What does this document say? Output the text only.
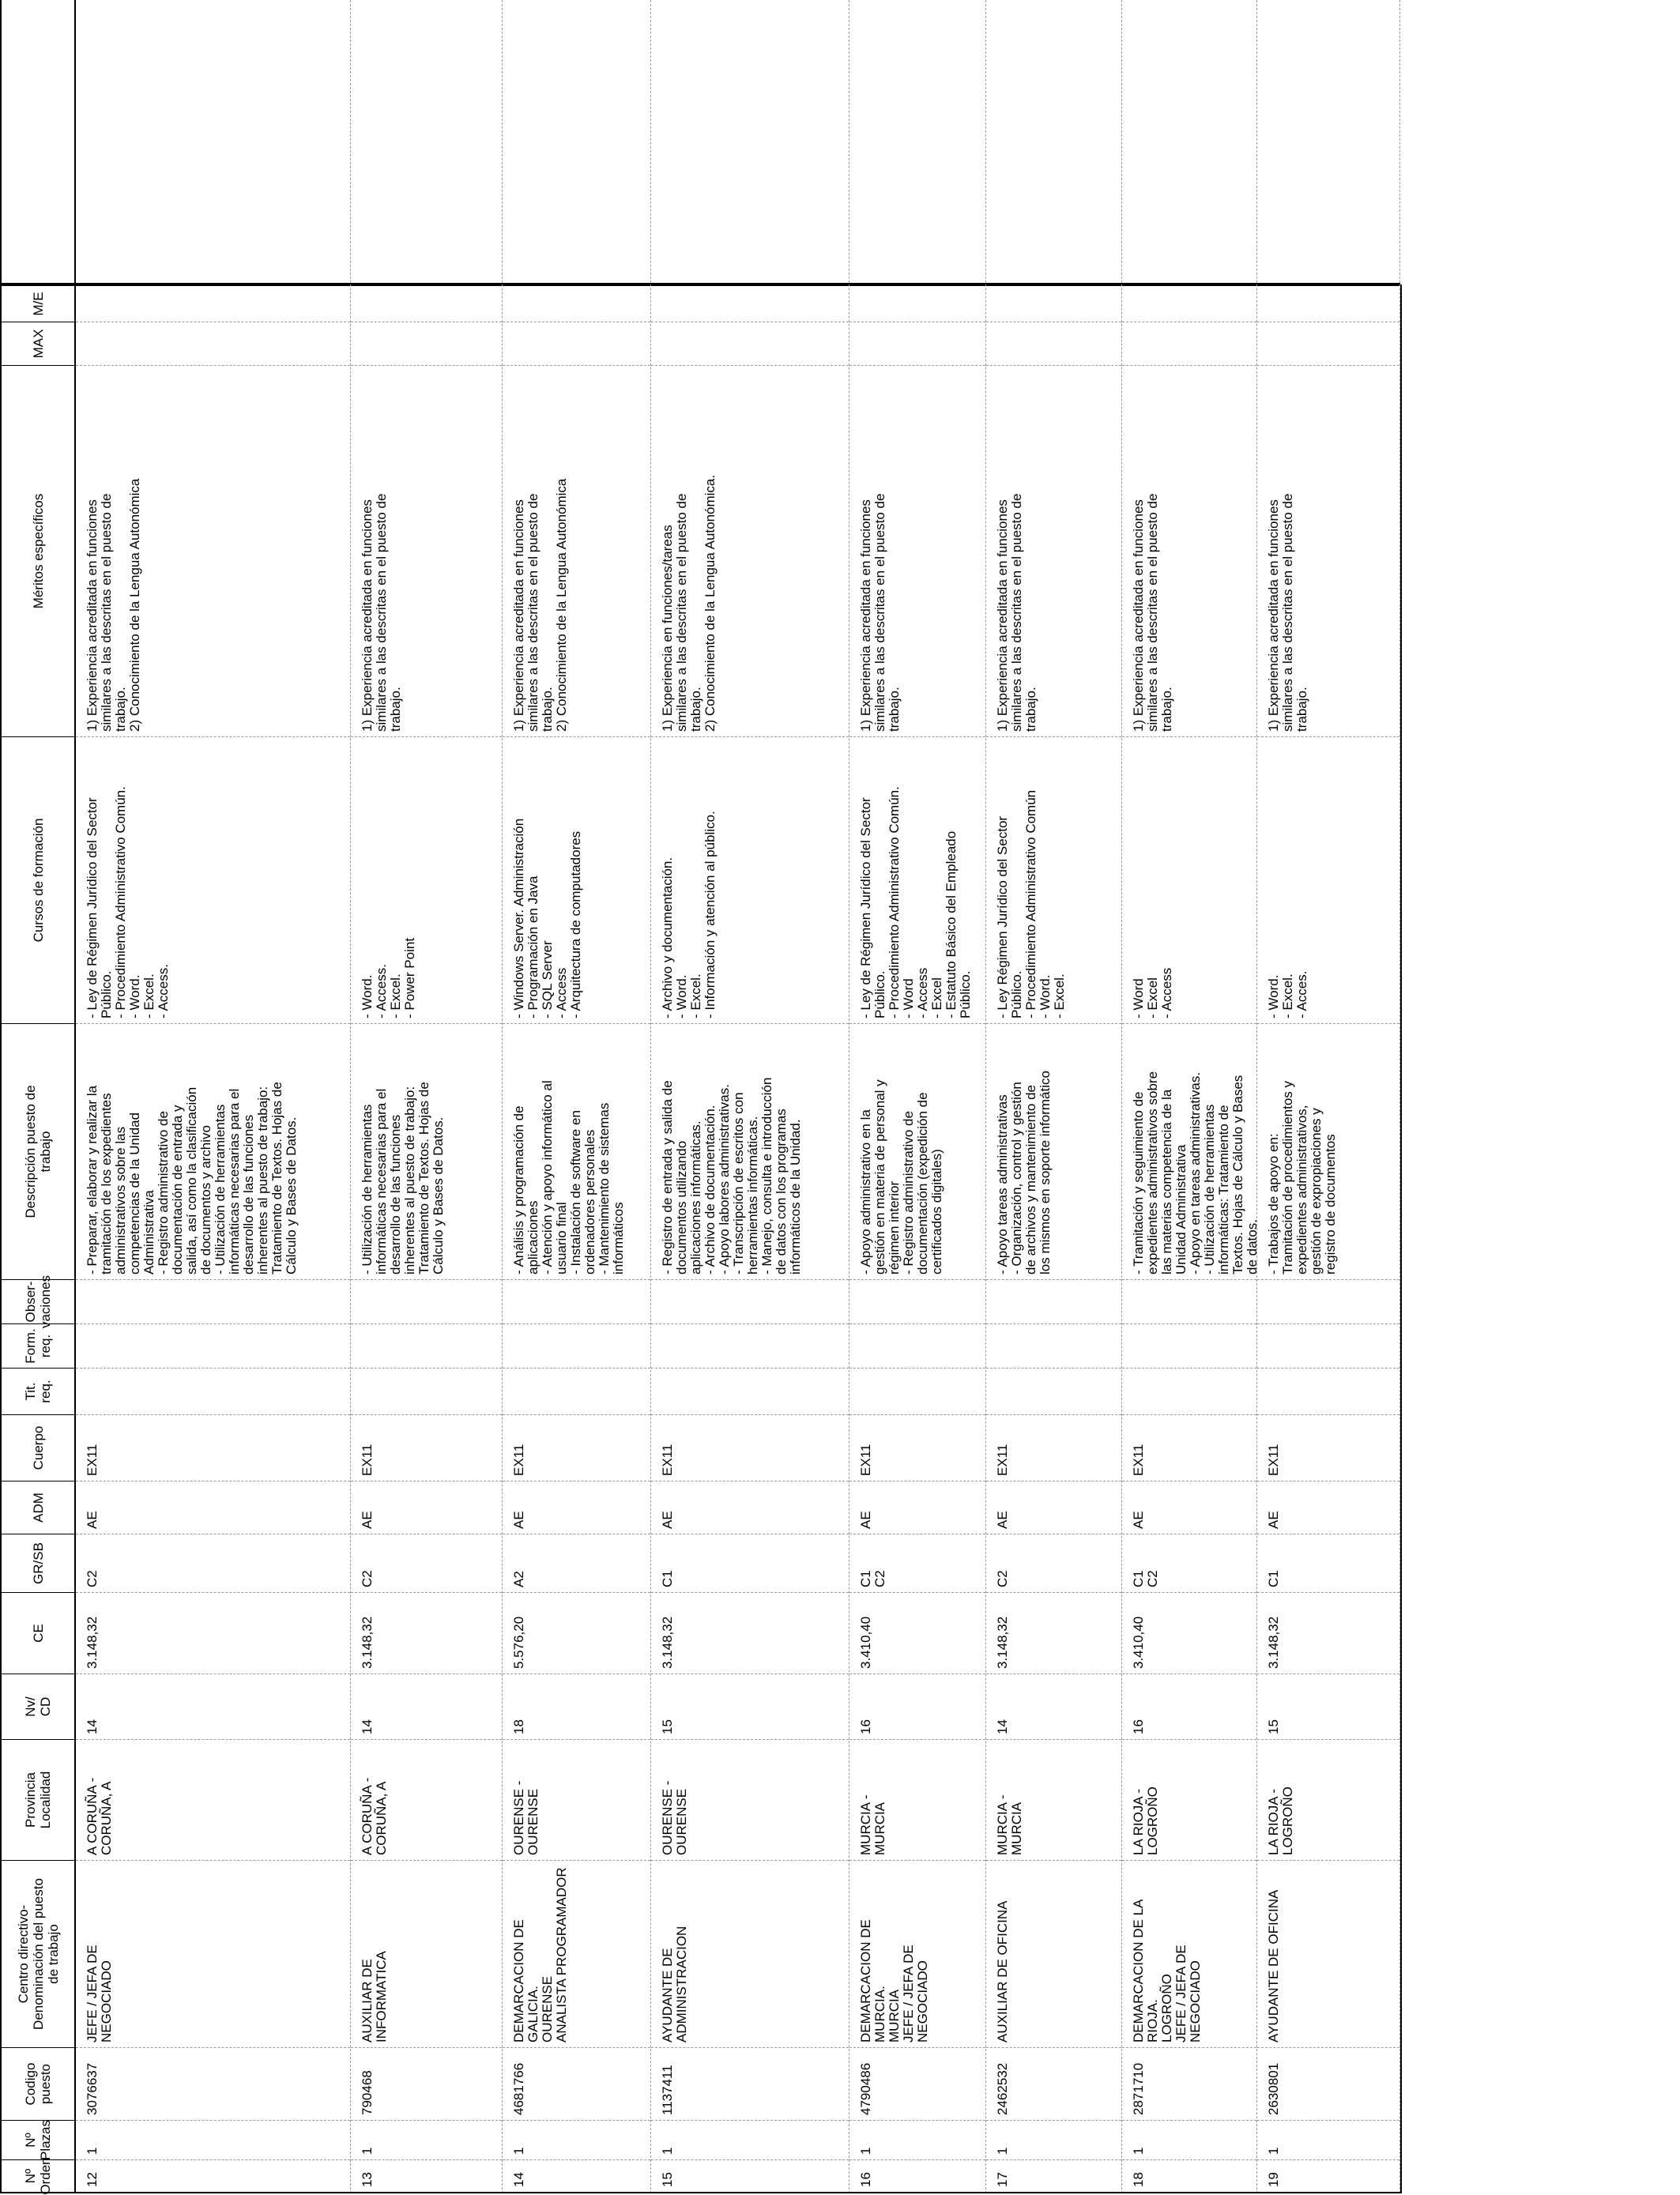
Nº
Orden
Nº
Plazas
Codigo
puesto
Centro directivo-
Denominación del puesto
de trabajo
Provincia
Localidad
Nv/
CD
CE
GR/SB
ADM
Cuerpo
Tit.
req.
Form.
req.
Obser-
vaciones
Descripción puesto de
trabajo
Cursos de formación
Méritos específicos
MAX
M/E
12
1
3076637
JEFE / JEFA DE NEGOCIADO
A CORUÑA -
CORUÑA, A
14
3.148,32
C2
AE
EX11
- Preparar, elaborar y realizar la
tramitación de los expedientes
administrativos sobre las
competencias de la Unidad
Administrativa
- Registro administrativo de
documentación de entrada y
salida, así como la clasificación
de documentos y archivo
- Utilización de herramientas
informáticas necesarias para el
desarrollo de las funciones
inherentes al puesto de trabajo:
Tratamiento de Textos. Hojas de
Cálculo y Bases de Datos.
- Ley de Régimen Jurídico del Sector
Público.
- Procedimiento Administrativo Común.
- Word.
- Excel.
- Access.
1) Experiencia acreditada en funciones
similares a las descritas en el puesto de
trabajo.
2) Conocimiento de la Lengua Autonómica
13
1
790468
AUXILIAR DE INFORMATICA
A CORUÑA -
CORUÑA, A
14
3.148,32
C2
AE
EX11
- Utilización de herramientas
informáticas necesarias para el
desarrollo de las funciones
inherentes al puesto de trabajo:
Tratamiento de Textos. Hojas de
Cálculo y Bases de Datos.
- Word.
- Access.
- Excel.
- Power Point
1) Experiencia acreditada en funciones
similares a las descritas en el puesto de
trabajo.
14
1
4681766
DEMARCACION DE GALICIA.
OURENSE ANALISTA PROGRAMADOR
OURENSE -
OURENSE
18
5.576,20
A2
AE
EX11
- Análisis y programación de
aplicaciones
- Atención y apoyo informático al
usuario final
- Instalación de software en
ordenadores personales
- Mantenimiento de sistemas
informáticos
- Windows Server. Administración
- Programación en Java
- SQL Server
- Access
- Arquitectura de computadores
1) Experiencia acreditada en funciones
similares a las descritas en el puesto de
trabajo.
2) Conocimiento de la Lengua Autonómica
15
1
1137411
AYUDANTE DE
ADMINISTRACION
OURENSE -
OURENSE
15
3.148,32
C1
AE
EX11
- Registro de entrada y salida de
documentos utilizando
aplicaciones informáticas.
- Archivo de documentación.
- Apoyo labores administrativas.
- Transcripción de escritos con
herramientas informáticas.
- Manejo, consulta e introducción
de datos con los programas
informáticos de la Unidad.
- Archivo y documentación.
- Word.
- Excel.
- Información y atención al público.
1) Experiencia en funciones/tareas
similares a las descritas en el puesto de
trabajo.
2) Conocimiento de la Lengua Autonómica.
16
1
4790486
DEMARCACION DE MURCIA.
MURCIA JEFE / JEFA DE NEGOCIADO
MURCIA -
MURCIA
16
3.410,40
C1
C2
AE
EX11
- Apoyo administrativo en la
gestión en materia de personal y
régimen interior
- Registro administrativo de
documentación (expedición de
certificados digitales)
- Ley de Régimen Jurídico del Sector
Público.
- Procedimiento Administrativo Común.
- Word
- Access
- Excel
- Estatuto Básico del Empleado
Público.
1) Experiencia acreditada en funciones
similares a las descritas en el puesto de
trabajo.
17
1
2462532
AUXILIAR DE OFICINA
MURCIA -
MURCIA
14
3.148,32
C2
AE
EX11
- Apoyo tareas administrativas
- Organización, control y gestión
de archivos y mantenimiento de
los mismos en soporte informático
- Ley Régimen Jurídico del Sector
Público.
- Procedimiento Administrativo Común
- Word.
- Excel.
1) Experiencia acreditada en funciones
similares a las descritas en el puesto de
trabajo.
18
1
2871710
DEMARCACION DE LA RIOJA.
LOGROÑO JEFE / JEFA DE NEGOCIADO
LA RIOJA -
LOGROÑO
16
3.410,40
C1
C2
AE
EX11
- Tramitación y seguimiento de
expedientes administrativos sobre
las materias competencia de la
Unidad Administrativa
- Apoyo en tareas administrativas.
- Utilización de herramientas
informáticas: Tratamiento de
Textos. Hojas de Cálculo y Bases
de datos.
- Word
- Excel
- Access
1) Experiencia acreditada en funciones
similares a las descritas en el puesto de
trabajo.
19
1
2630801
AYUDANTE DE OFICINA
LA RIOJA -
LOGROÑO
15
3.148,32
C1
AE
EX11
- Trabajos de apoyo en:
Tramitación de procedimientos y
expedientes administrativos,
gestión de expropiaciones y
registro de documentos
- Word.
- Excel.
- Acces.
1) Experiencia acreditada en funciones
similares a las descritas en el puesto de
trabajo.
